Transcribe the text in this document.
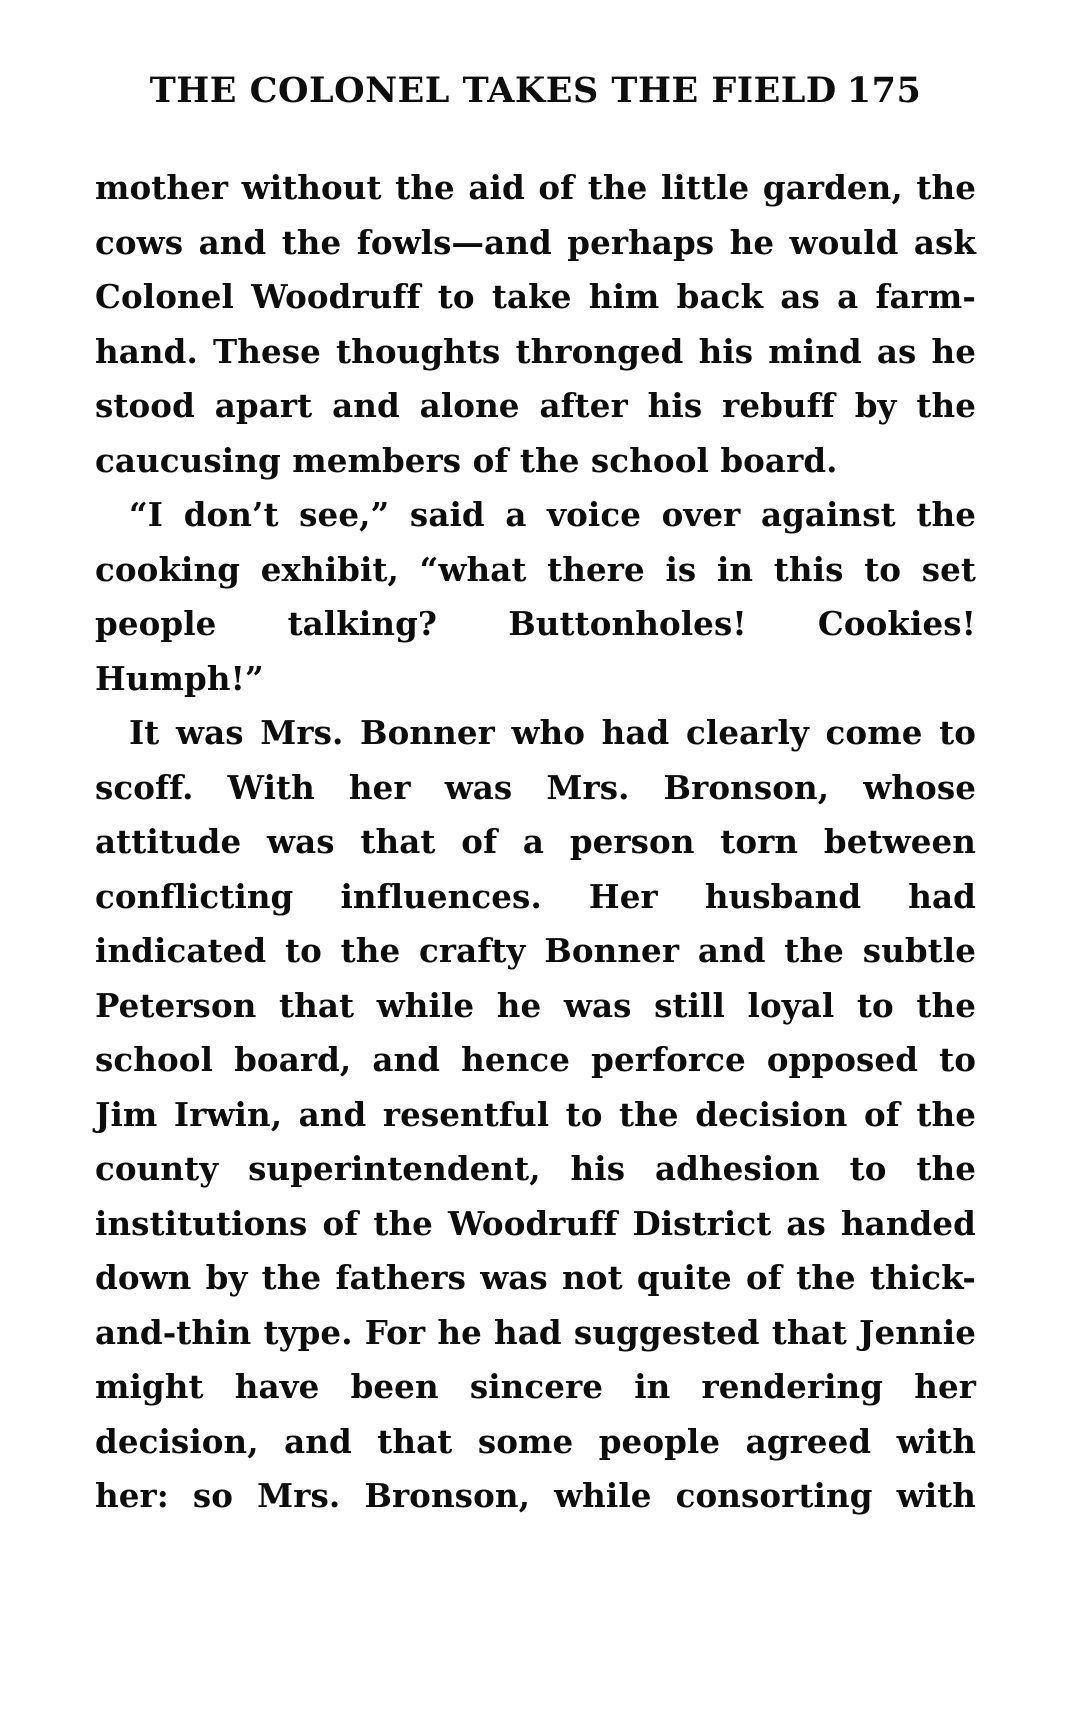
THE COLONEL TAKES THE FIELD 175

mother without the aid of the little garden, the cows and the fowls—and perhaps he would ask Colonel Woodruff to take him back as a farm-hand. These thoughts thronged his mind as he stood apart and alone after his rebuff by the caucusing members of the school board.

“I don’t see,” said a voice over against the cooking exhibit, “what there is in this to set people talking? Buttonholes! Cookies! Humph!”

It was Mrs. Bonner who had clearly come to scoff. With her was Mrs. Bronson, whose attitude was that of a person torn between conflicting influences. Her husband had indicated to the crafty Bonner and the subtle Peterson that while he was still loyal to the school board, and hence perforce opposed to Jim Irwin, and resentful to the decision of the county superintendent, his adhesion to the institutions of the Woodruff District as handed down by the fathers was not quite of the thick-and-thin type. For he had suggested that Jennie might have been sincere in rendering her decision, and that some people agreed with her: so Mrs. Bronson, while consorting with
